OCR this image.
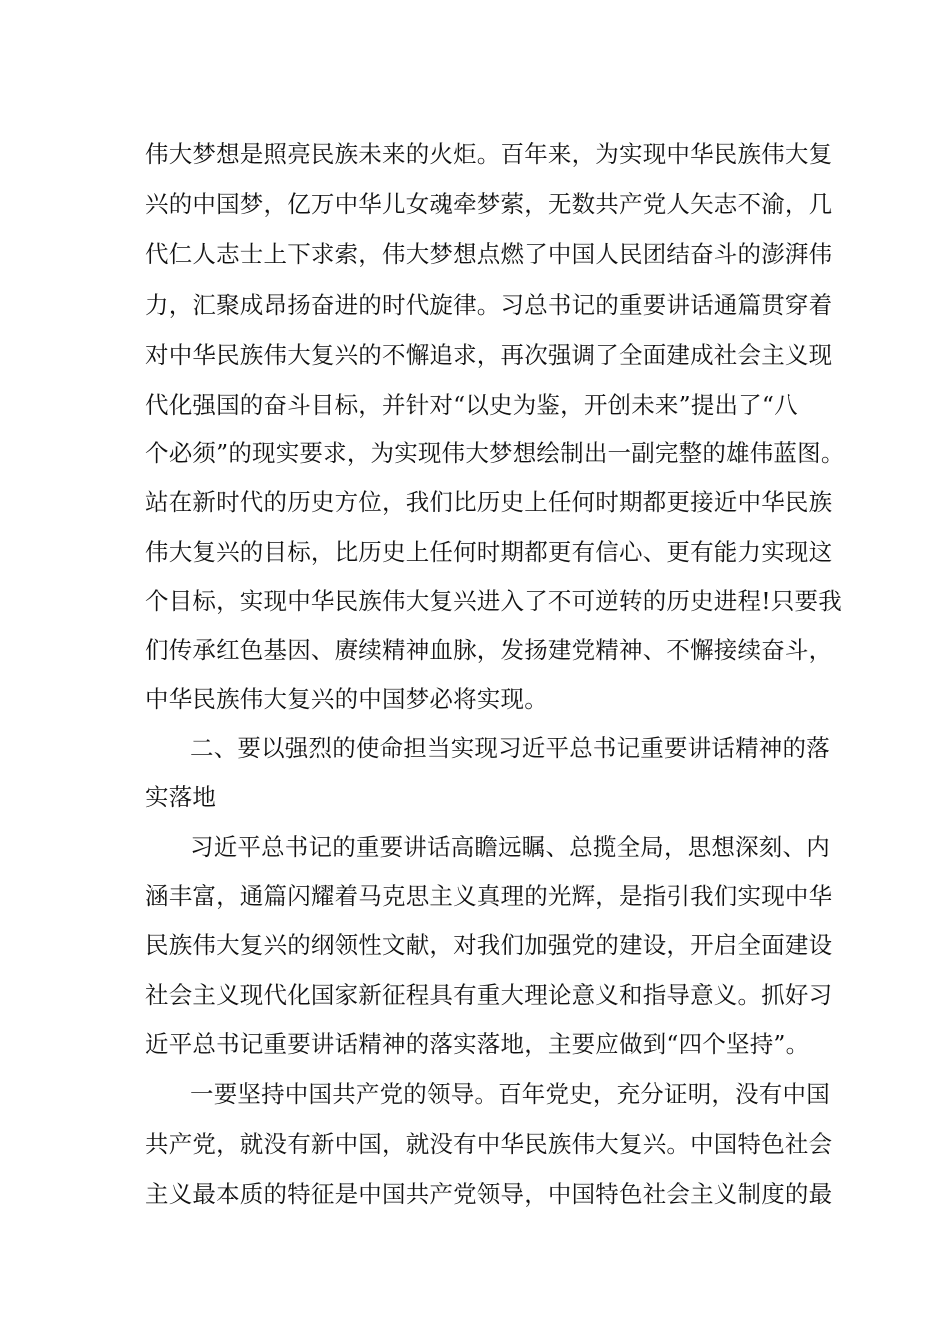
伟大梦想是照亮民族未来的火炬。百年来，为实现中华民族伟大复
兴的中国梦，亿万中华儿女魂牵梦萦，无数共产党人矢志不渝，几
代仁人志士上下求索，伟大梦想点燃了中国人民团结奋斗的澎湃伟
力，汇聚成昂扬奋进的时代旋律。习总书记的重要讲话通篇贯穿着
对中华民族伟大复兴的不懈追求，再次强调了全面建成社会主义现
代化强国的奋斗目标，并针对“以史为鉴，开创未来”提出了“八
个必须”的现实要求，为实现伟大梦想绘制出一副完整的雄伟蓝图。
站在新时代的历史方位，我们比历史上任何时期都更接近中华民族
伟大复兴的目标，比历史上任何时期都更有信心、更有能力实现这
个目标，实现中华民族伟大复兴进入了不可逆转的历史进程!只要我
们传承红色基因、赓续精神血脉，发扬建党精神、不懈接续奋斗，
中华民族伟大复兴的中国梦必将实现。
二、要以强烈的使命担当实现习近平总书记重要讲话精神的落
实落地
习近平总书记的重要讲话高瞻远瞩、总揽全局，思想深刻、内
涵丰富，通篇闪耀着马克思主义真理的光辉，是指引我们实现中华
民族伟大复兴的纲领性文献，对我们加强党的建设，开启全面建设
社会主义现代化国家新征程具有重大理论意义和指导意义。抓好习
近平总书记重要讲话精神的落实落地，主要应做到“四个坚持”。
一要坚持中国共产党的领导。百年党史，充分证明，没有中国
共产党，就没有新中国，就没有中华民族伟大复兴。中国特色社会
主义最本质的特征是中国共产党领导，中国特色社会主义制度的最
